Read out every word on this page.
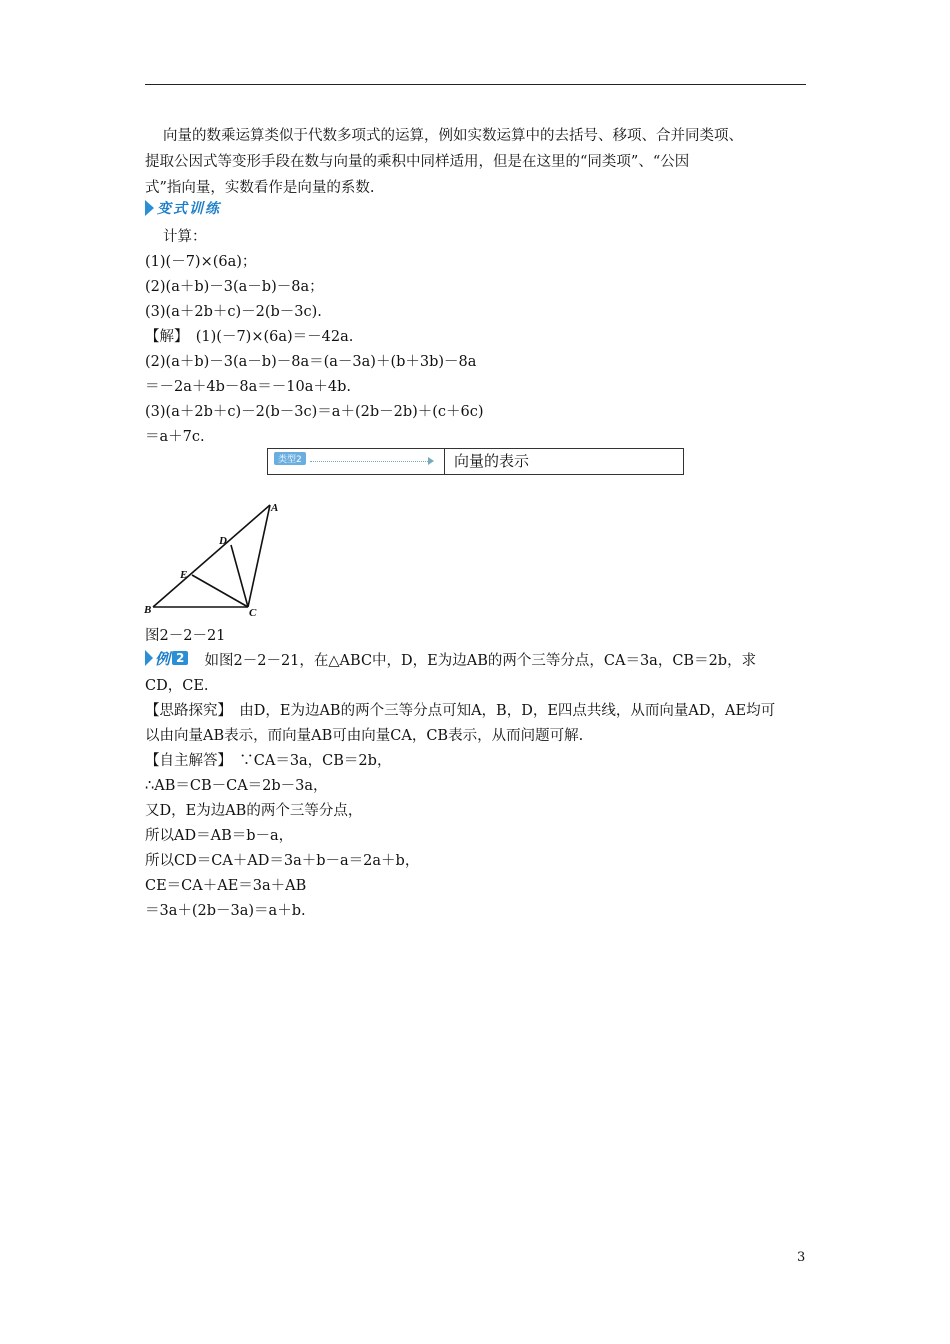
向量的数乘运算类似于代数多项式的运算，例如实数运算中的去括号、移项、合并同类项、
提取公因式等变形手段在数与向量的乘积中同样适用，但是在这里的“同类项”、“公因
式”指向量，实数看作是向量的系数.
变式训练
计算：
(1)(－7)×(6a)；
(2)(a＋b)－3(a－b)－8a；
(3)(a＋2b＋c)－2(b－3c).
【解】　(1)(－7)×(6a)＝－42a.
(2)(a＋b)－3(a－b)－8a＝(a－3a)＋(b＋3b)－8a
＝－2a＋4b－8a＝－10a＋4b.
(3)(a＋2b＋c)－2(b－3c)＝a＋(2b－2b)＋(c＋6c)
＝a＋7c.
类型2	向量的表示
A
B	C
D
E
图2－2－21
例 2 　如图2－2－21，在△ABC中，D，E为边AB的两个三等分点，CA＝3a，CB＝2b，求
CD，CE.
【思路探究】　由D，E为边AB的两个三等分点可知A，B，D，E四点共线，从而向量AD，AE均可
以由向量AB表示，而向量AB可由向量CA，CB表示，从而问题可解.
【自主解答】　∵CA＝3a，CB＝2b，
∴AB＝CB－CA＝2b－3a，
又D，E为边AB的两个三等分点，
所以AD＝AB＝b－a，
所以CD＝CA＋AD＝3a＋b－a＝2a＋b，
CE＝CA＋AE＝3a＋AB
＝3a＋(2b－3a)＝a＋b.
3
